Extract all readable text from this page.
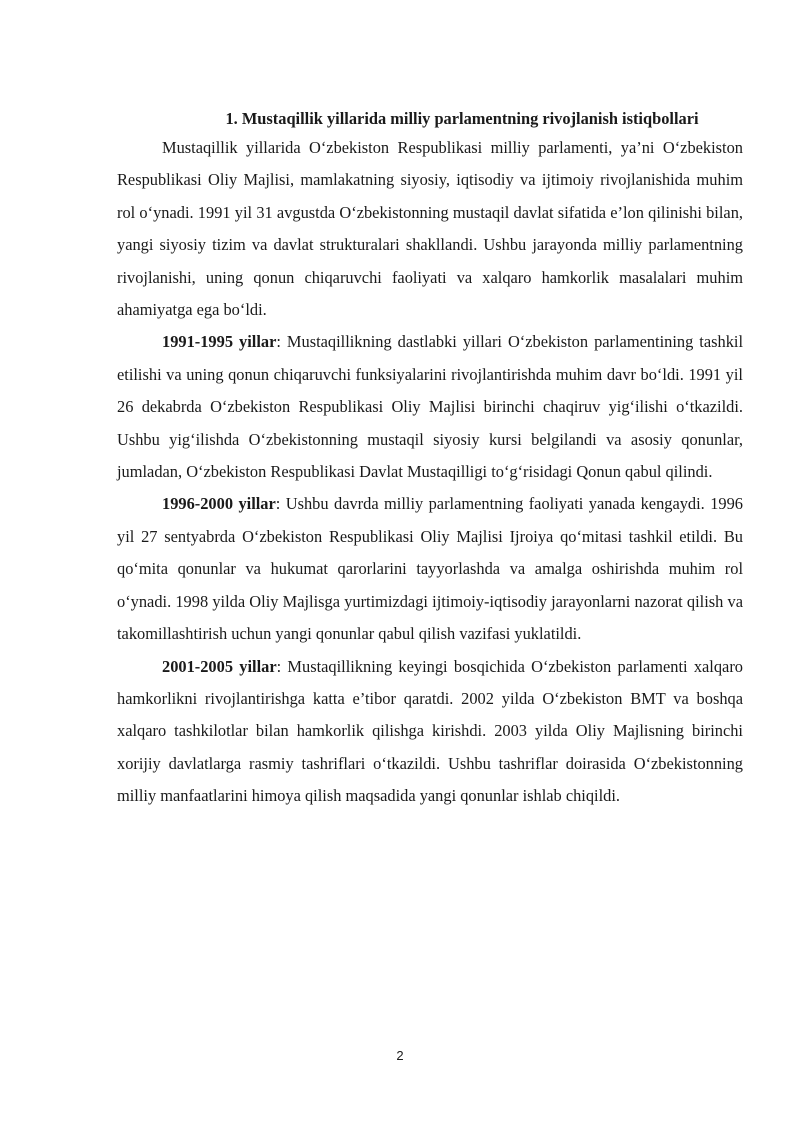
1. Mustaqillik yillarida milliy parlamentning rivojlanish istiqbollari

Mustaqillik yillarida O‘zbekiston Respublikasi milliy parlamenti, ya’ni O‘zbekiston Respublikasi Oliy Majlisi, mamlakatning siyosiy, iqtisodiy va ijtimoiy rivojlanishida muhim rol o‘ynadi. 1991 yil 31 avgustda O‘zbekistonning mustaqil davlat sifatida e’lon qilinishi bilan, yangi siyosiy tizim va davlat strukturalari shakllandi. Ushbu jarayonda milliy parlamentning rivojlanishi, uning qonun chiqaruvchi faoliyati va xalqaro hamkorlik masalalari muhim ahamiyatga ega bo‘ldi.

1991-1995 yillar: Mustaqillikning dastlabki yillari O‘zbekiston parlamentining tashkil etilishi va uning qonun chiqaruvchi funksiyalarini rivojlantirishda muhim davr bo‘ldi. 1991 yil 26 dekabrda O‘zbekiston Respublikasi Oliy Majlisi birinchi chaqiruv yig‘ilishi o‘tkazildi. Ushbu yig‘ilishda O‘zbekistonning mustaqil siyosiy kursi belgilandi va asosiy qonunlar, jumladan, O‘zbekiston Respublikasi Davlat Mustaqilligi to‘g‘risidagi Qonun qabul qilindi.

1996-2000 yillar: Ushbu davrda milliy parlamentning faoliyati yanada kengaydi. 1996 yil 27 sentyabrda O‘zbekiston Respublikasi Oliy Majlisi Ijroiya qo‘mitasi tashkil etildi. Bu qo‘mita qonunlar va hukumat qarorlarini tayyorlashda va amalga oshirishda muhim rol o‘ynadi. 1998 yilda Oliy Majlisga yurtimizdagi ijtimoiy-iqtisodiy jarayonlarni nazorat qilish va takomillashtirish uchun yangi qonunlar qabul qilish vazifasi yuklatildi.

2001-2005 yillar: Mustaqillikning keyingi bosqichida O‘zbekiston parlamenti xalqaro hamkorlikni rivojlantirishga katta e’tibor qaratdi. 2002 yilda O‘zbekiston BMT va boshqa xalqaro tashkilotlar bilan hamkorlik qilishga kirishdi. 2003 yilda Oliy Majlisning birinchi xorijiy davlatlarga rasmiy tashriflari o‘tkazildi. Ushbu tashriflar doirasida O‘zbekistonning milliy manfaatlarini himoya qilish maqsadida yangi qonunlar ishlab chiqildi.

2
